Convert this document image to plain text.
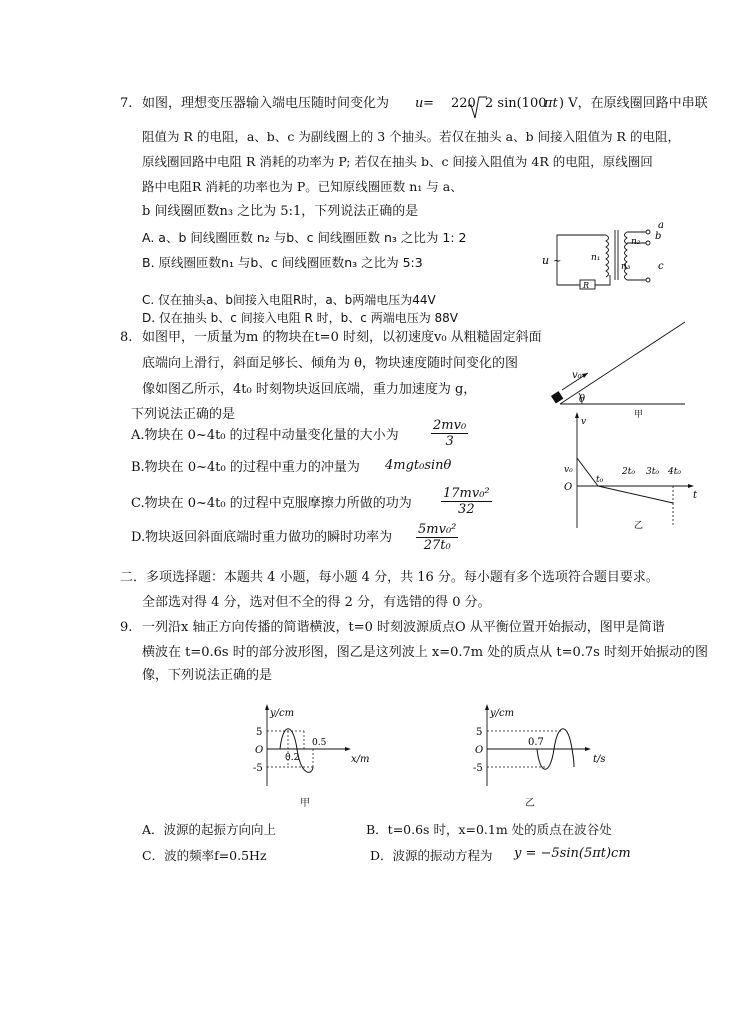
7. 如图，理想变压器输入端电压随时间变化为 u = 220 2 sin(100
πt ) V，在原线圈回路中串联
阻值为 R 的电阻，a、b、c 为副线圈上的 3 个抽头。若仅在抽头 a、b 间接入阻值为 R 的电阻，
原线圈回路中电阻 R 消耗的功率为 P; 若仅在抽头 b、c 间接入阻值为 4R 的电阻，原线圈回
路中电阻R 消耗的功率也为 P。已知原线圈匝数 n₁ 与 a、
b 间线圈匝数n₃ 之比为 5:1，下列说法正确的是
A. a、b 间线圈匝数 n₂ 与b、c 间线圈匝数 n₃ 之比为 1: 2
B. 原线圈匝数n₁ 与b、c 间线圈匝数n₃ 之比为 5:3
C. 仅在抽头a、b间接入电阻R时，a、b两端电压为44V
D. 仅在抽头 b、c 间接入电阻 R 时，b、c 两端电压为 88V
u ~
R
n₁
n₂
n₃
a
b
c
8. 如图甲，一质量为m 的物块在t=0 时刻，以初速度v₀ 从粗糙固定斜面
底端向上滑行，斜面足够长、倾角为 θ，物块速度随时间变化的图
像如图乙所示，4t₀ 时刻物块返回底端，重力加速度为 g，
下列说法正确的是
A.物块在 0~4t₀ 的过程中动量变化量的大小为 $\frac{\text{2mv₀}}{3}$
B.物块在 0~4t₀ 的过程中重力的冲量为 4mgt₀sinθ
C.物块在 0~4t₀ 的过程中克服摩擦力所做的功为 $\frac{\text{17mv₀²}}{32}$
D.物块返回斜面底端时重力做功的瞬时功率为 $\frac{\text{5mv₀²}}{\text{27t₀}}$
v₀
θ
甲
v
v₀
O
t₀
2t₀ 3t₀ 4t₀
t
乙
二．多项选择题：本题共 4 小题，每小题 4 分，共 16 分。每小题有多个选项符合题目要求。
全部选对得 4 分，选对但不全的得 2 分，有选错的得 0 分。
9. 一列沿x 轴正方向传播的简谐横波，t=0 时刻波源质点O 从平衡位置开始振动，图甲是简谐
横波在 t=0.6s 时的部分波形图，图乙是这列波上 x=0.7m 处的质点从 t=0.7s 时刻开始振动的图
像，下列说法正确的是
y/cm
5
O
-5
0.2
0.5
x/m
甲
y/cm
5
O
-5
0.7
t/s
乙
A．波源的起振方向向上	B．t=0.6s 时，x=0.1m 处的质点在波谷处
C．波的频率f=0.5Hz	D．波源的振动方程为 y = −5sin(5πt)cm
